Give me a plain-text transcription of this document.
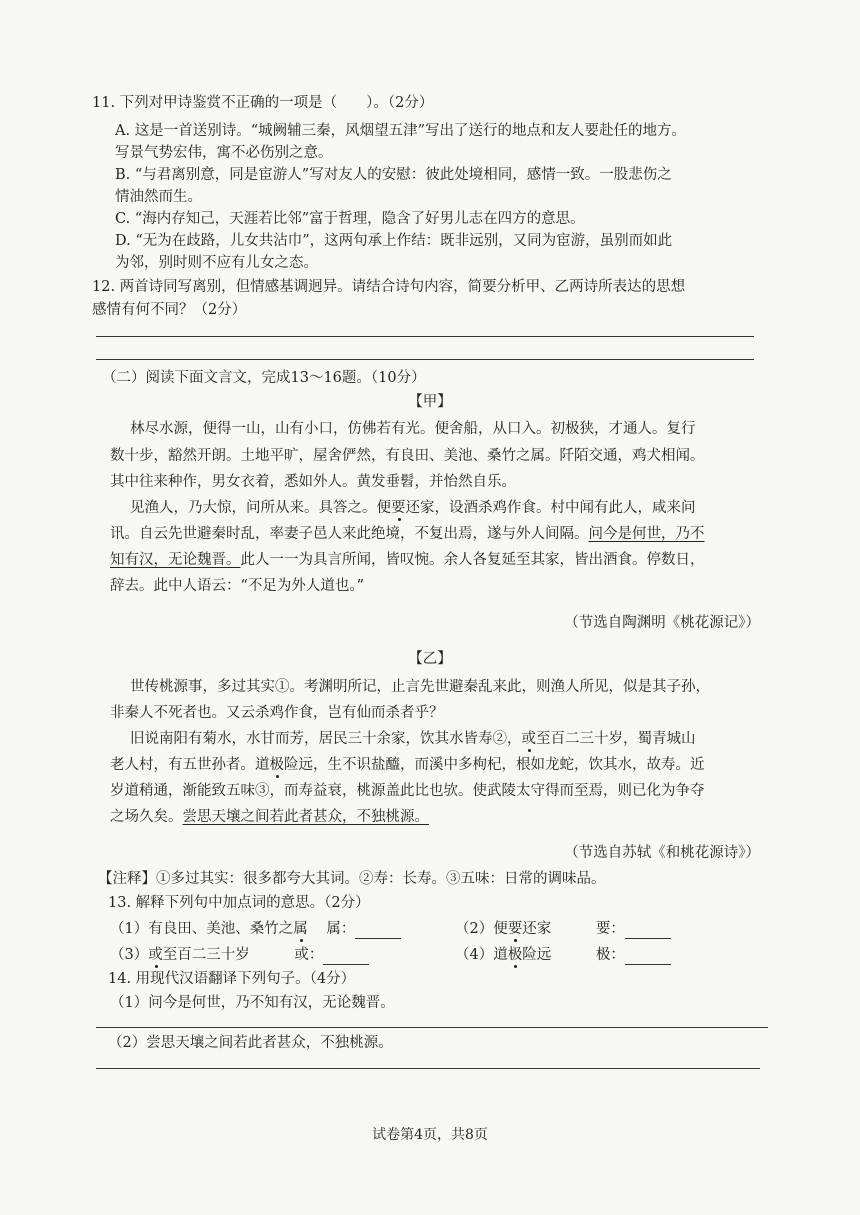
11. 下列对甲诗鉴赏不正确的一项是（　　）。（2分）
A. 这是一首送别诗。“城阙辅三秦，风烟望五津”写出了送行的地点和友人要赴任的地方。
写景气势宏伟，寓不必伤别之意。
B. “与君离别意，同是宦游人”写对友人的安慰：彼此处境相同，感情一致。一股悲伤之
情油然而生。
C. “海内存知己，天涯若比邻”富于哲理，隐含了好男儿志在四方的意思。
D. “无为在歧路，儿女共沾巾”，这两句承上作结：既非远别，又同为宦游，虽别而如此
为邻，别时则不应有儿女之态。
12. 两首诗同写离别，但情感基调迥异。请结合诗句内容，简要分析甲、乙两诗所表达的思想
感情有何不同？（2分）
（二）阅读下面文言文，完成13～16题。（10分）
【甲】
林尽水源，便得一山，山有小口，仿佛若有光。便舍船，从口入。初极狭，才通人。复行
数十步，豁然开朗。土地平旷，屋舍俨然，有良田、美池、桑竹之属。阡陌交通，鸡犬相闻。
其中往来种作，男女衣着，悉如外人。黄发垂髫，并怡然自乐。
见渔人，乃大惊，问所从来。具答之。便要还家，设酒杀鸡作食。村中闻有此人，咸来问
讯。自云先世避秦时乱，率妻子邑人来此绝境，不复出焉，遂与外人间隔。问今是何世，乃不
知有汉，无论魏晋。此人一一为具言所闻，皆叹惋。余人各复延至其家，皆出酒食。停数日，
辞去。此中人语云：“不足为外人道也。”
（节选自陶渊明《桃花源记》）
【乙】
世传桃源事，多过其实①。考渊明所记，止言先世避秦乱来此，则渔人所见，似是其子孙，
非秦人不死者也。又云杀鸡作食，岂有仙而杀者乎？
旧说南阳有菊水，水甘而芳，居民三十余家，饮其水皆寿②，或至百二三十岁，蜀青城山
老人村，有五世孙者。道极险远，生不识盐醯，而溪中多枸杞，根如龙蛇，饮其水，故寿。近
岁道稍通，渐能致五味③，而寿益衰，桃源盖此比也欤。使武陵太守得而至焉，则已化为争夺
之场久矣。尝思天壤之间若此者甚众，不独桃源。
（节选自苏轼《和桃花源诗》）
【注释】①多过其实：很多都夸大其词。②寿：长寿。③五味：日常的调味品。
13. 解释下列句中加点词的意思。（2分）
（1）有良田、美池、桑竹之属 属：	（2）便要还家	要：
（3）或至百二三十岁	或：	（4）道极险远	极：
14. 用现代汉语翻译下列句子。（4分）
（1）问今是何世，乃不知有汉，无论魏晋。
（2）尝思天壤之间若此者甚众，不独桃源。
试卷第4页，共8页
